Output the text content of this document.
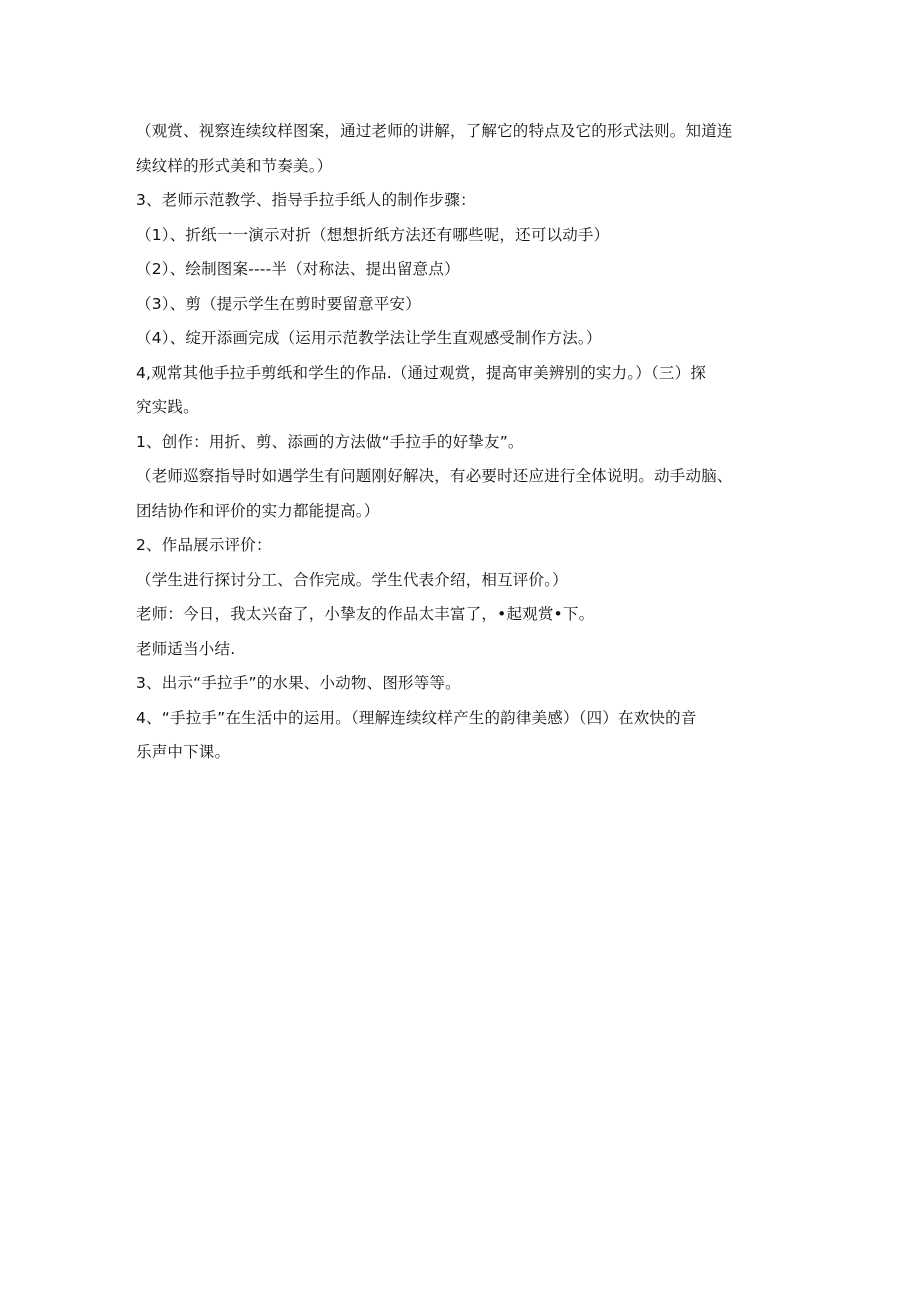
（观赏、视察连续纹样图案，通过老师的讲解，了解它的特点及它的形式法则。知道连
续纹样的形式美和节奏美。）
3、老师示范教学、指导手拉手纸人的制作步骤：
（1）、折纸一一演示对折（想想折纸方法还有哪些呢，还可以动手）
（2）、绘制图案----半（对称法、提出留意点）
（3）、剪（提示学生在剪时要留意平安）
（4）、绽开添画完成（运用示范教学法让学生直观感受制作方法。）
4,观常其他手拉手剪纸和学生的作品.（通过观赏，提高审美辨别的实力。）（三）探
究实践。
1、创作：用折、剪、添画的方法做“手拉手的好挚友”。
（老师巡察指导时如遇学生有问题刚好解决，有必要时还应进行全体说明。动手动脑、
团结协作和评价的实力都能提高。）
2、作品展示评价：
（学生进行探讨分工、合作完成。学生代表介绍，相互评价。）
老师：今日，我太兴奋了，小挚友的作品太丰富了，•起观赏•下。
老师适当小结.
3、出示“手拉手”的水果、小动物、图形等等。
4、“手拉手”在生活中的运用。（理解连续纹样产生的韵律美感）（四）在欢快的音
乐声中下课。
